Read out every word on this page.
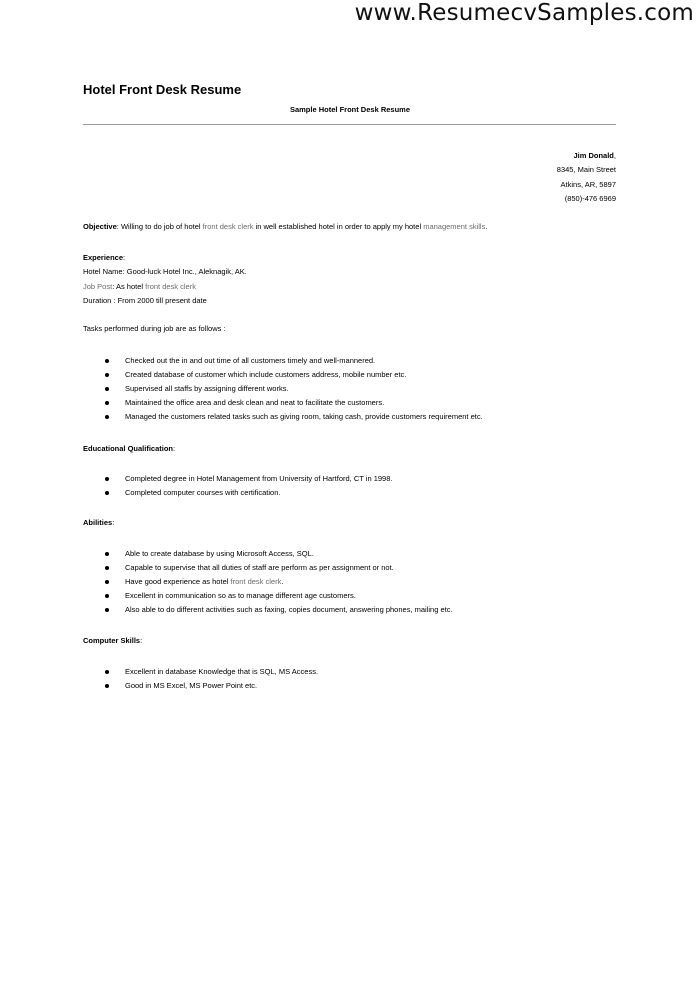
www.ResumecvSamples.com
Hotel Front Desk Resume
Sample Hotel Front Desk Resume
Jim Donald,
8345, Main Street
Atkins, AR, 5897
(850)-476 6969
Objective: Willing to do job of hotel front desk clerk in well established hotel in order to apply my hotel management skills.
Experience:
Hotel Name: Good-luck Hotel Inc., Aleknagik, AK.
Job Post: As hotel front desk clerk
Duration : From 2000 till present date
Tasks performed during job are as follows :
Checked out the in and out time of all customers timely and well-mannered.
Created database of customer which include customers address, mobile number etc.
Supervised all staffs by assigning different works.
Maintained the office area and desk clean and neat to facilitate the customers.
Managed the customers related tasks such as giving room, taking cash, provide customers requirement etc.
Educational Qualification:
Completed degree in Hotel Management from University of Hartford, CT in 1998.
Completed computer courses with certification.
Abilities:
Able to create database by using Microsoft Access, SQL.
Capable to supervise that all duties of staff are perform as per assignment or not.
Have good experience as hotel front desk clerk.
Excellent in communication so as to manage different age customers.
Also able to do different activities such as faxing, copies document, answering phones, mailing etc.
Computer Skills:
Excellent in database Knowledge that is SQL, MS Access.
Good in MS Excel, MS Power Point etc.
